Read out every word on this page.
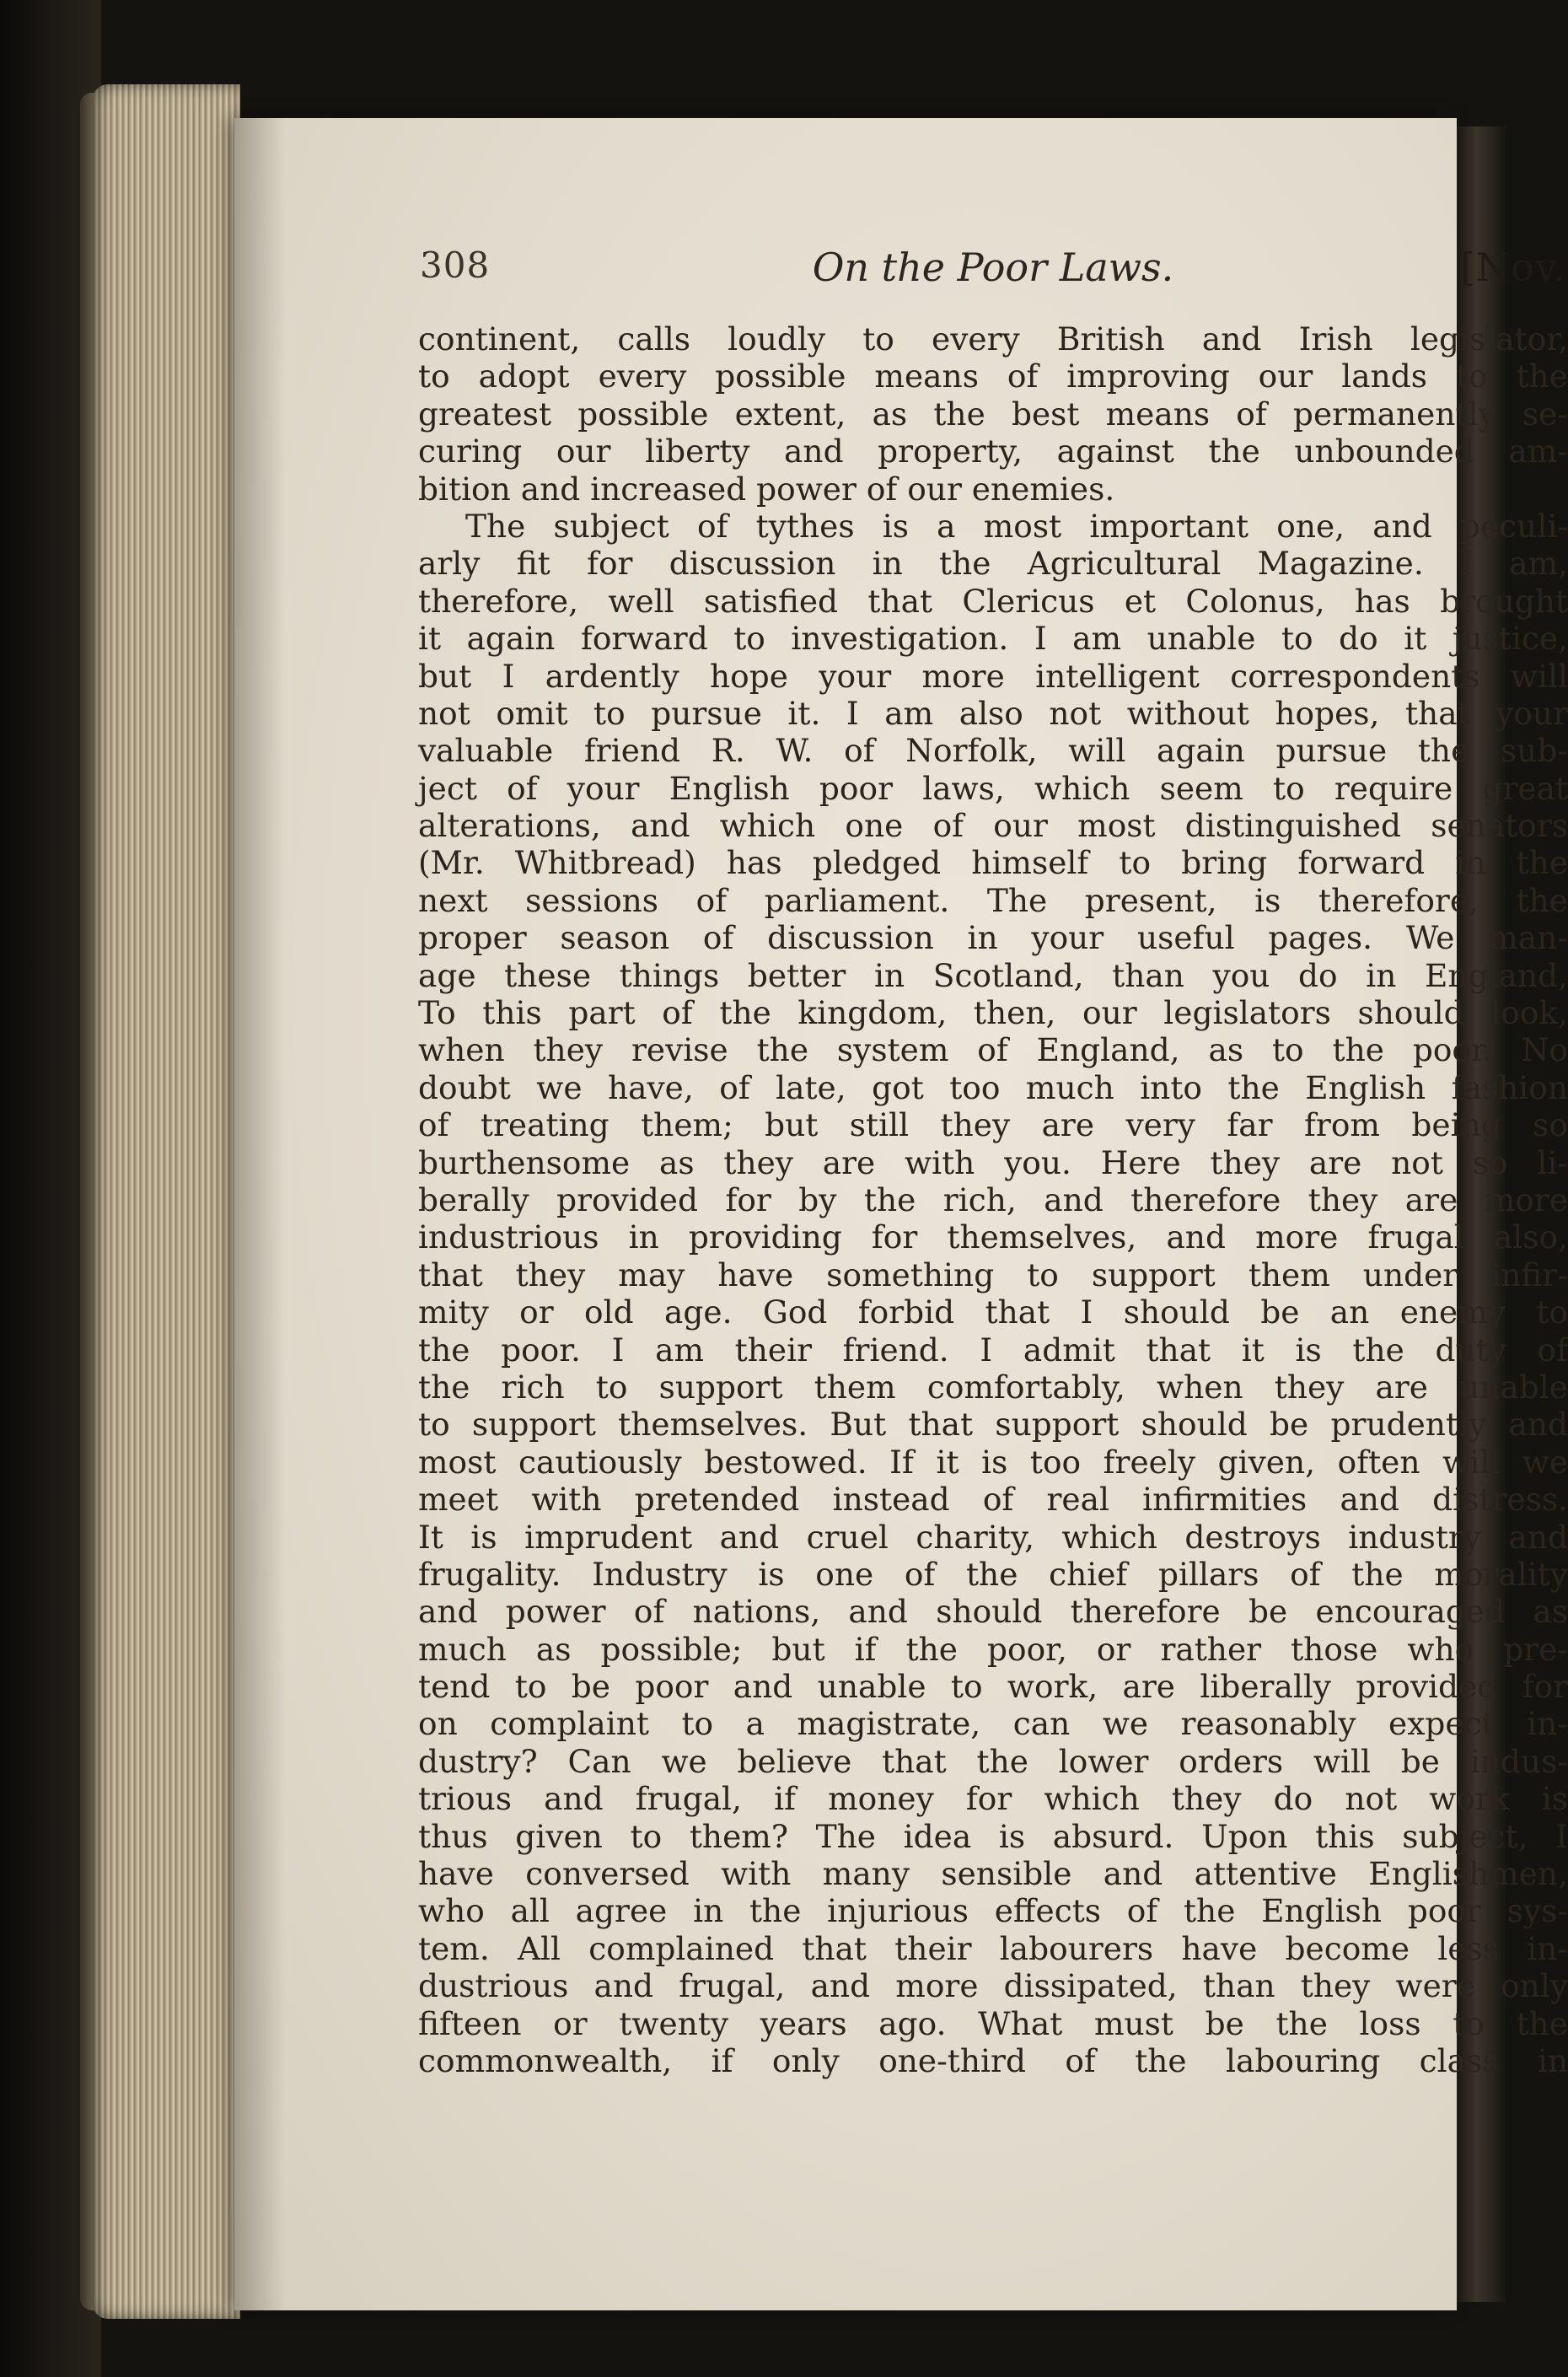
308	On the Poor Laws.	[Nov.
continent, calls loudly to every British and Irish legislator,
to adopt every possible means of improving our lands to the
greatest possible extent, as the best means of permanently se-
curing our liberty and property, against the unbounded am-
bition and increased power of our enemies.
The subject of tythes is a most important one, and peculi-
arly fit for discussion in the Agricultural Magazine. I am,
therefore, well satisfied that Clericus et Colonus, has brought
it again forward to investigation. I am unable to do it justice,
but I ardently hope your more intelligent correspondents will
not omit to pursue it. I am also not without hopes, that your
valuable friend R. W. of Norfolk, will again pursue the sub-
ject of your English poor laws, which seem to require great
alterations, and which one of our most distinguished senators
(Mr. Whitbread) has pledged himself to bring forward in the
next sessions of parliament. The present, is therefore, the
proper season of discussion in your useful pages. We man-
age these things better in Scotland, than you do in England,
To this part of the kingdom, then, our legislators should look,
when they revise the system of England, as to the poor. No
doubt we have, of late, got too much into the English fashion
of treating them; but still they are very far from being so
burthensome as they are with you. Here they are not so li-
berally provided for by the rich, and therefore they are more
industrious in providing for themselves, and more frugal also,
that they may have something to support them under infir-
mity or old age. God forbid that I should be an enemy to
the poor. I am their friend. I admit that it is the duty of
the rich to support them comfortably, when they are unable
to support themselves. But that support should be prudently and
most cautiously bestowed. If it is too freely given, often will we
meet with pretended instead of real infirmities and distress.
It is imprudent and cruel charity, which destroys industry and
frugality. Industry is one of the chief pillars of the morality
and power of nations, and should therefore be encouraged as
much as possible; but if the poor, or rather those who pre-
tend to be poor and unable to work, are liberally provided for
on complaint to a magistrate, can we reasonably expect in-
dustry? Can we believe that the lower orders will be indus-
trious and frugal, if money for which they do not work is
thus given to them? The idea is absurd. Upon this subject, I
have conversed with many sensible and attentive Englishmen,
who all agree in the injurious effects of the English poor sys-
tem. All complained that their labourers have become less in-
dustrious and frugal, and more dissipated, than they were only
fifteen or twenty years ago. What must be the loss to the
commonwealth, if only one-third of the labouring class in
